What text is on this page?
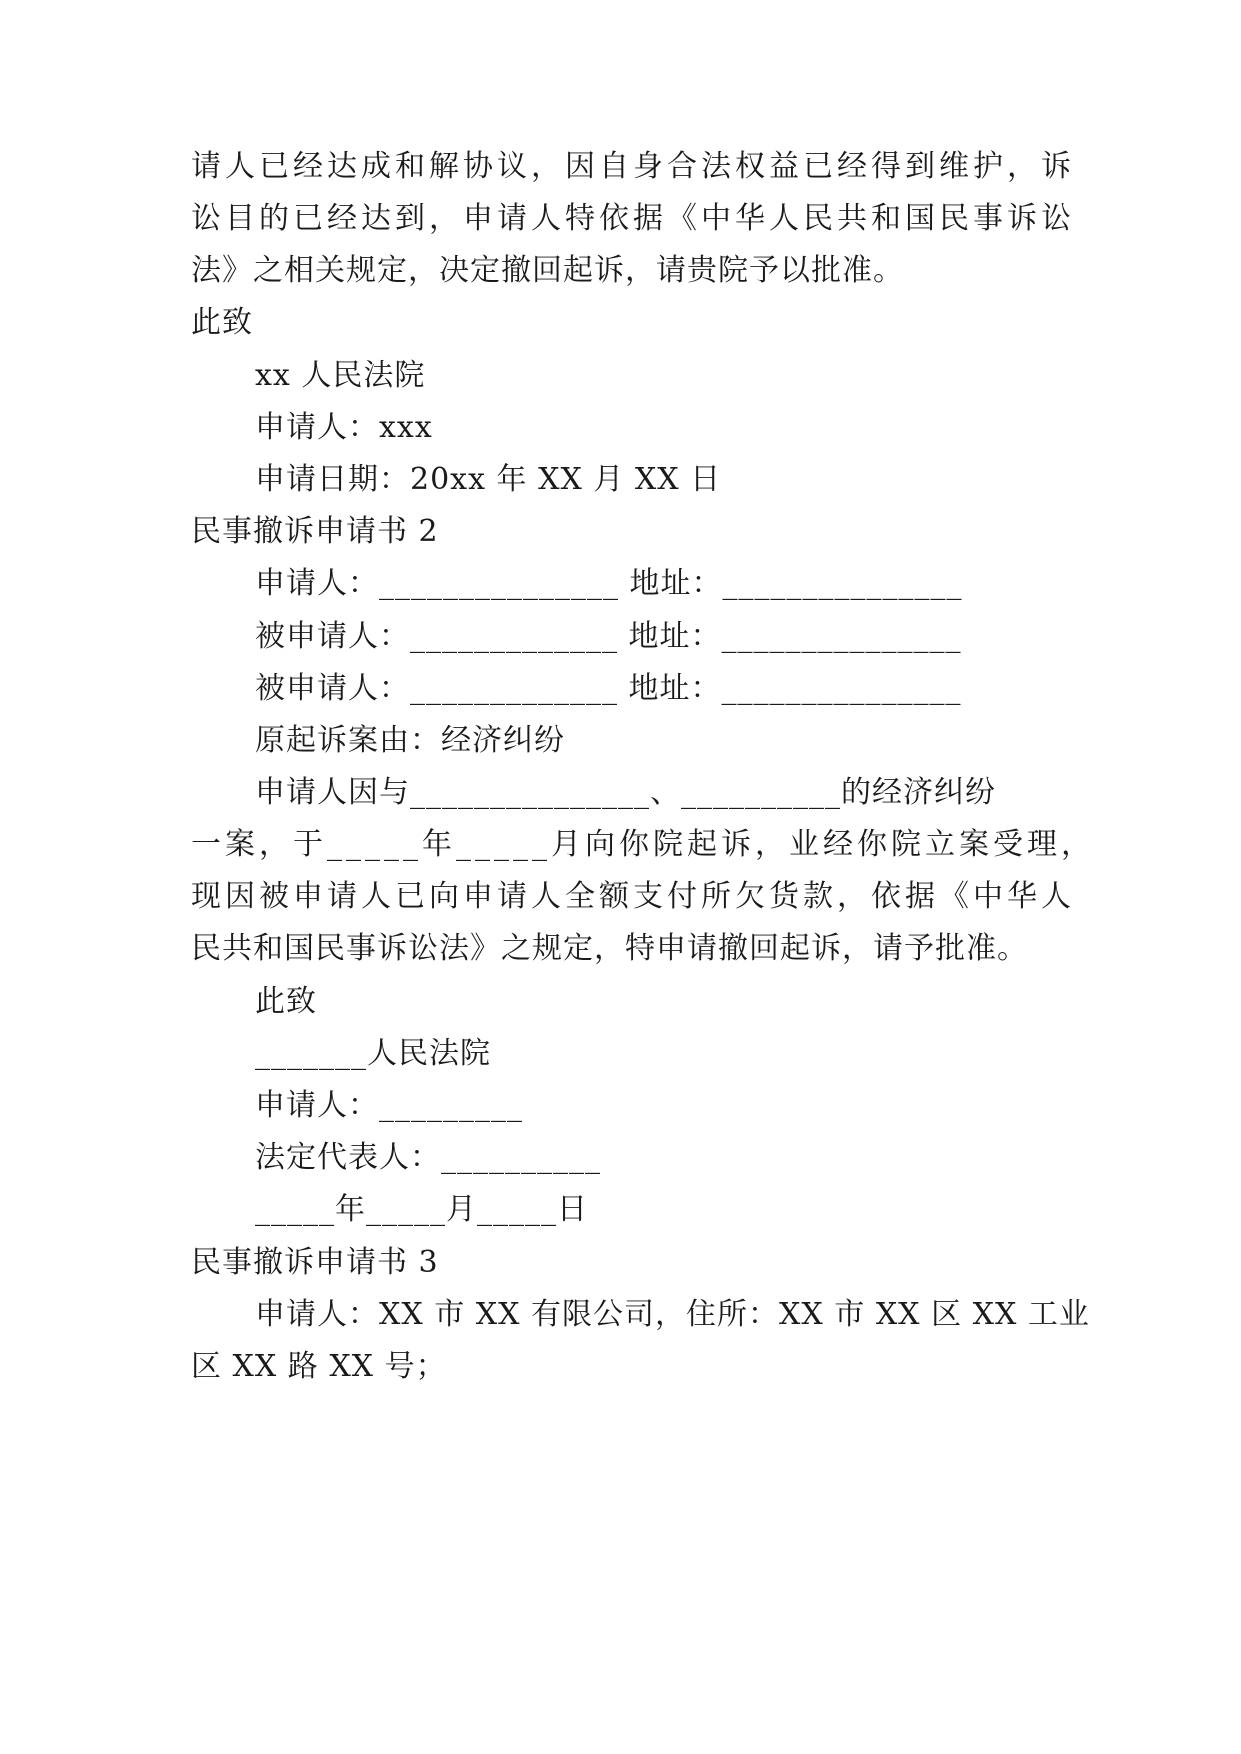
请人已经达成和解协议，因自身合法权益已经得到维护，诉
讼目的已经达到，申请人特依据《中华人民共和国民事诉讼
法》之相关规定，决定撤回起诉，请贵院予以批准。
此致
xx 人民法院
申请人：xxx
申请日期：20xx 年 XX 月 XX 日
民事撤诉申请书 2
申请人：_______________ 地址：_______________
被申请人：_____________ 地址：_______________
被申请人：_____________ 地址：_______________
原起诉案由：经济纠纷
申请人因与_______________、__________的经济纠纷
一案，于_____年_____月向你院起诉，业经你院立案受理，
现因被申请人已向申请人全额支付所欠货款，依据《中华人
民共和国民事诉讼法》之规定，特申请撤回起诉，请予批准。
此致
_______人民法院
申请人：_________
法定代表人：__________
_____年_____月_____日
民事撤诉申请书 3
申请人：XX 市 XX 有限公司，住所：XX 市 XX 区 XX 工业
区 XX 路 XX 号；
